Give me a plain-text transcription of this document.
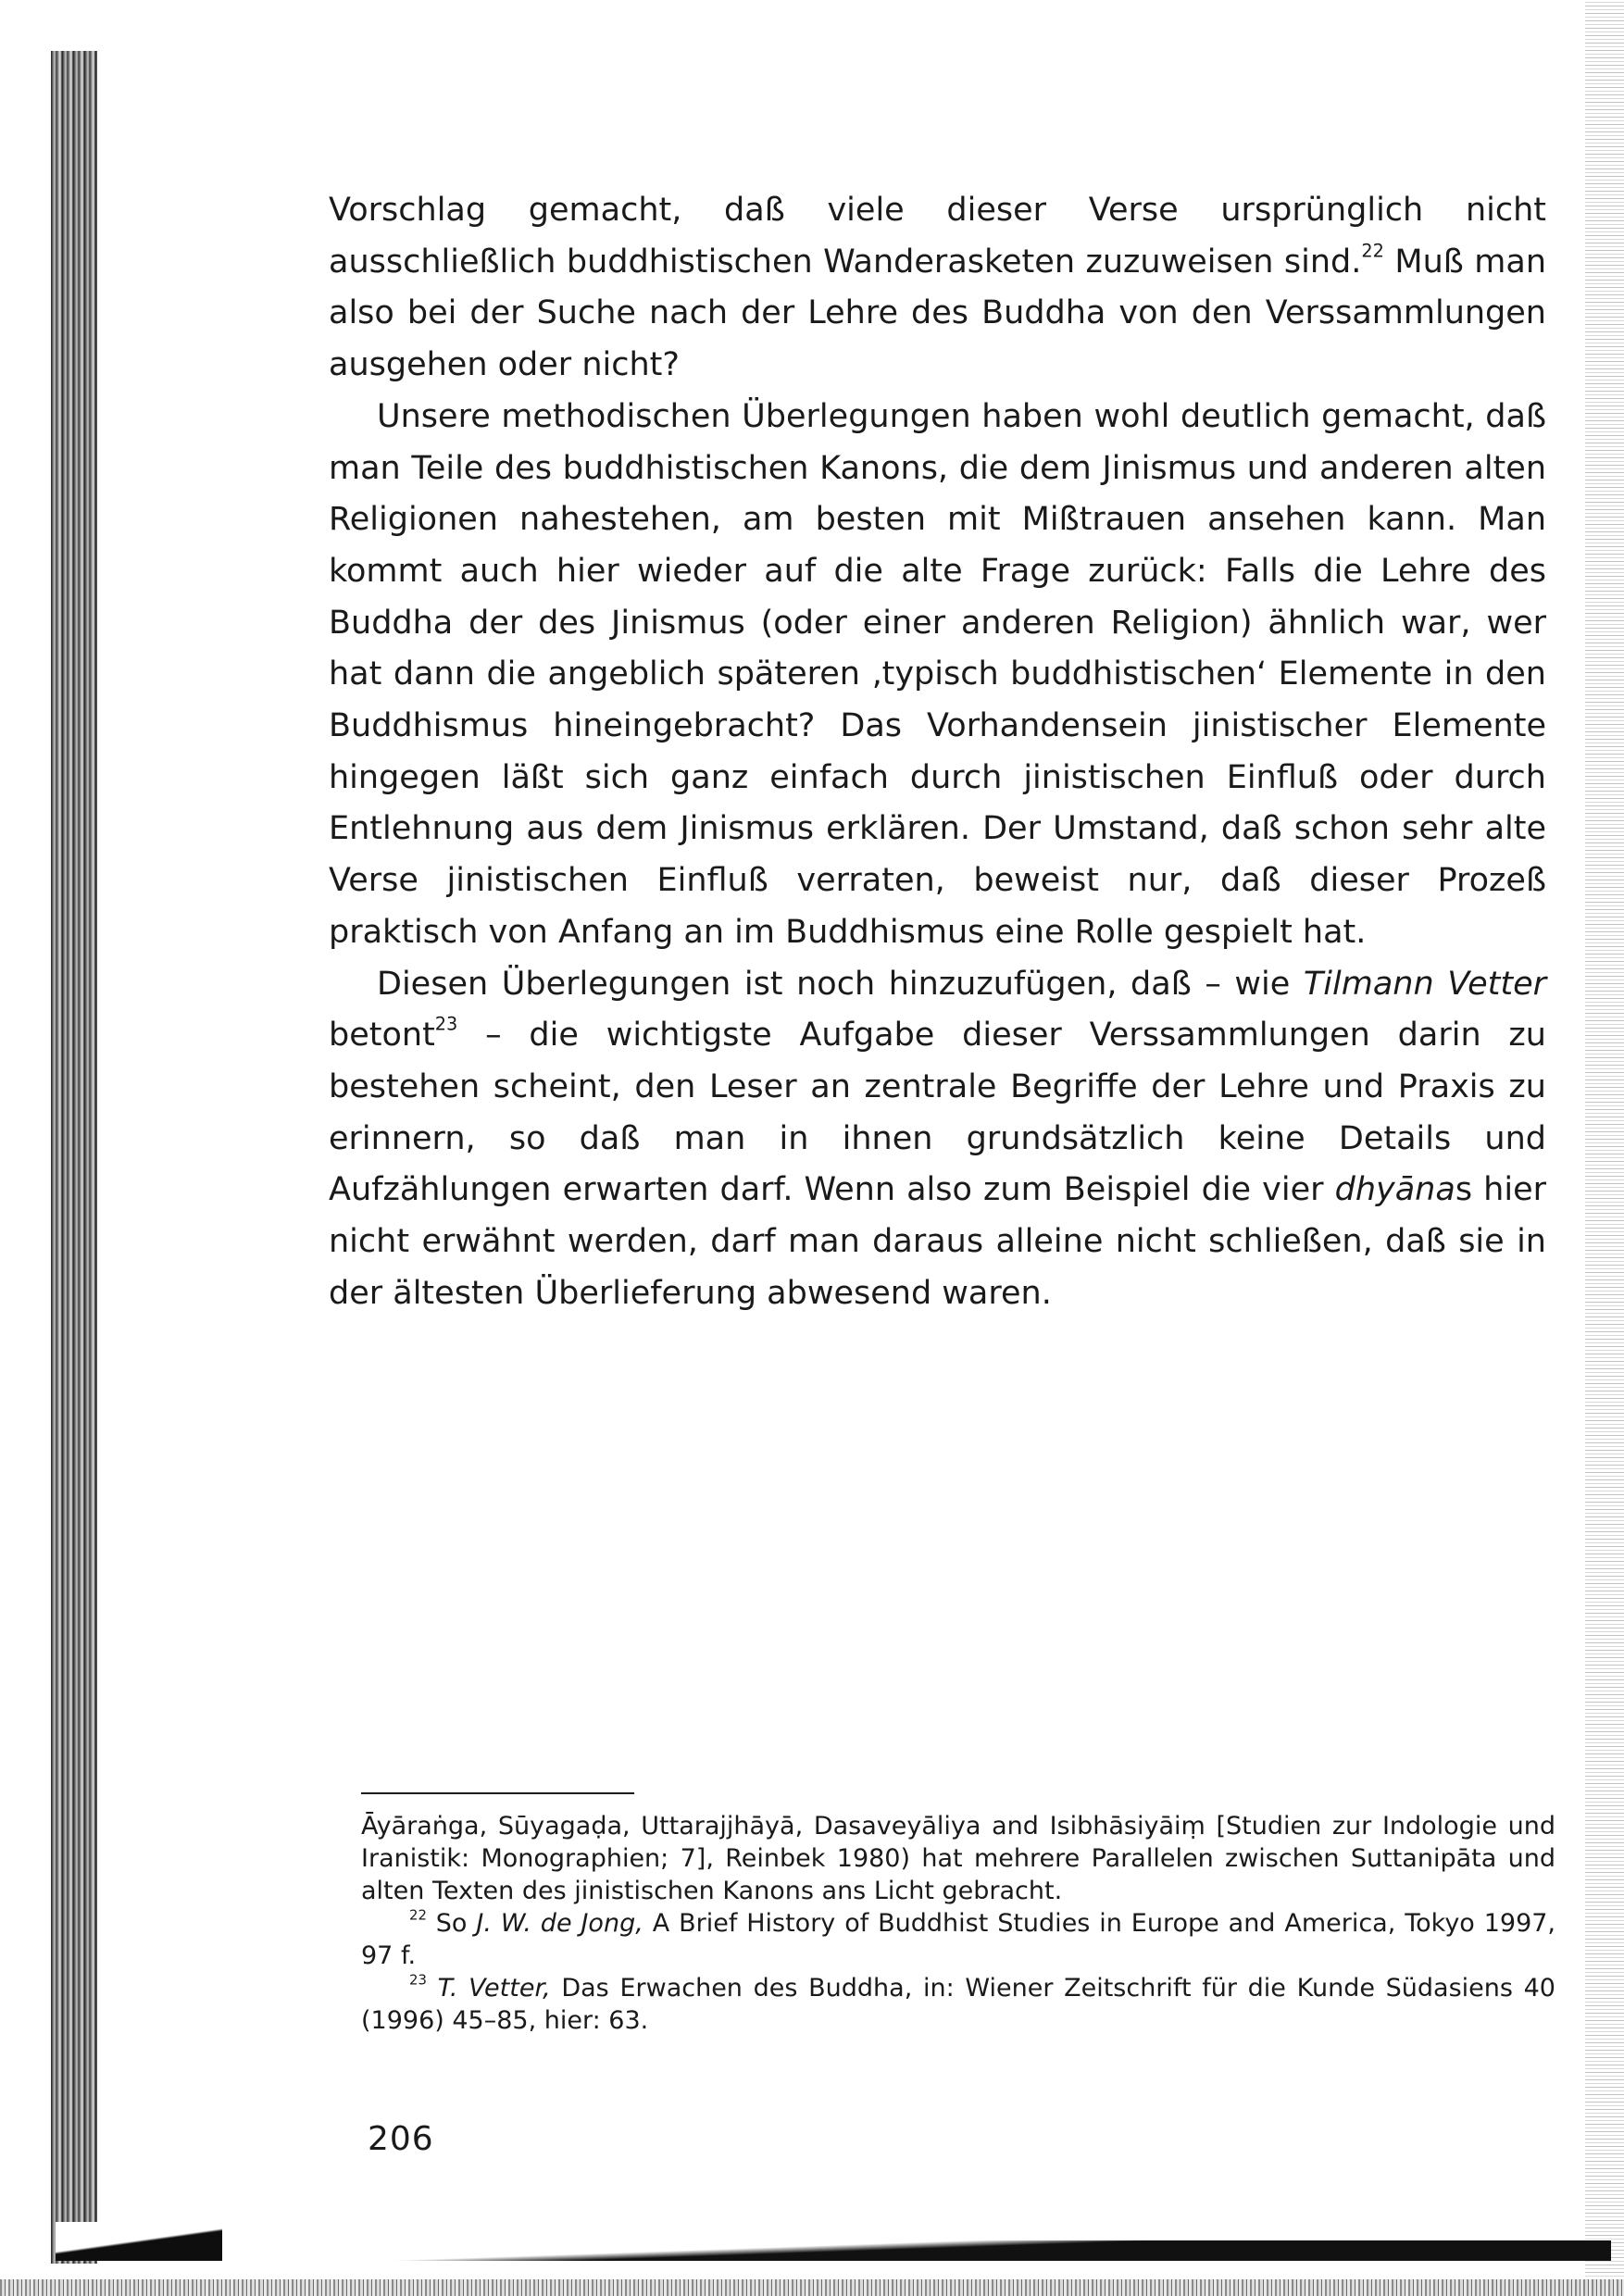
Vorschlag gemacht, daß viele dieser Verse ursprünglich nicht ausschließlich buddhistischen Wanderasketen zuzuweisen sind.$^{22}$ Muß man also bei der Suche nach der Lehre des Buddha von den Verssammlungen ausgehen oder nicht?

Unsere methodischen Überlegungen haben wohl deutlich gemacht, daß man Teile des buddhistischen Kanons, die dem Jinismus und anderen alten Religionen nahestehen, am besten mit Mißtrauen ansehen kann. Man kommt auch hier wieder auf die alte Frage zurück: Falls die Lehre des Buddha der des Jinismus (oder einer anderen Religion) ähnlich war, wer hat dann die angeblich späteren ‚typisch buddhistischen‘ Elemente in den Buddhismus hineingebracht? Das Vorhandensein jinistischer Elemente hingegen läßt sich ganz einfach durch jinistischen Einfluß oder durch Entlehnung aus dem Jinismus erklären. Der Umstand, daß schon sehr alte Verse jinistischen Einfluß verraten, beweist nur, daß dieser Prozeß praktisch von Anfang an im Buddhismus eine Rolle gespielt hat.

Diesen Überlegungen ist noch hinzuzufügen, daß – wie Tilmann Vetter betont$^{23}$ – die wichtigste Aufgabe dieser Verssammlungen darin zu bestehen scheint, den Leser an zentrale Begriffe der Lehre und Praxis zu erinnern, so daß man in ihnen grundsätzlich keine Details und Aufzählungen erwarten darf. Wenn also zum Beispiel die vier dhyānas hier nicht erwähnt werden, darf man daraus alleine nicht schließen, daß sie in der ältesten Überlieferung abwesend waren.

Āyāraṅga, Sūyagaḍa, Uttarajjhāyā, Dasaveyāliya and Isibhāsiyāiṃ [Studien zur Indologie und Iranistik: Monographien; 7], Reinbek 1980) hat mehrere Parallelen zwischen Suttanipāta und alten Texten des jinistischen Kanons ans Licht gebracht.

$^{22}$ So J. W. de Jong, A Brief History of Buddhist Studies in Europe and America, Tokyo 1997, 97 f.

$^{23}$ T. Vetter, Das Erwachen des Buddha, in: Wiener Zeitschrift für die Kunde Südasiens 40 (1996) 45–85, hier: 63.

206
